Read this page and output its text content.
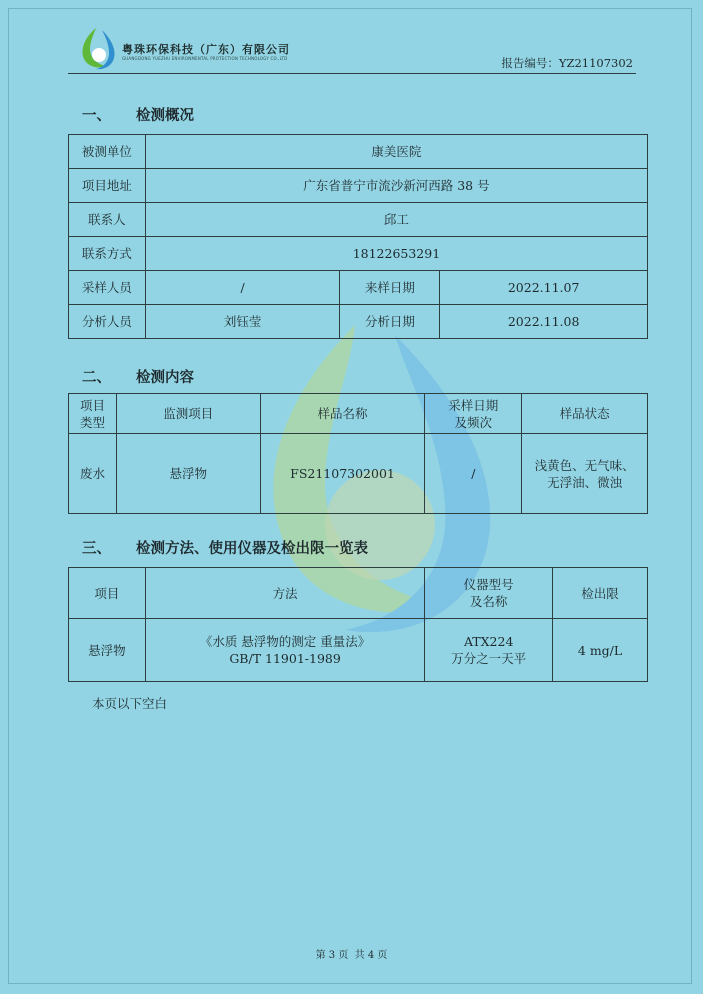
粤珠环保科技（广东）有限公司
GUANGDONG YUEZHU ENVIRONMENTAL PROTECTION TECHNOLOGY CO.,LTD	报告编号：YZ21107302
一、 检测概况
被测单位	康美医院		
项目地址	广东省普宁市流沙新河西路 38 号		
联系人	邱工		
联系方式	18122653291		
采样人员	/	来样日期	2022.11.07
分析人员	刘钰莹	分析日期	2022.11.08
二、 检测内容
项目
类型	监测项目	样品名称	采样日期
及频次	样品状态
废水	悬浮物	FS21107302001	/	浅黄色、无气味、
无浮油、微浊
三、 检测方法、使用仪器及检出限一览表
项目	方法	仪器型号
及名称	检出限
悬浮物	《水质 悬浮物的测定 重量法》
GB/T 11901-1989	ATX224
万分之一天平	4 mg/L
本页以下空白
第 3 页  共 4 页
